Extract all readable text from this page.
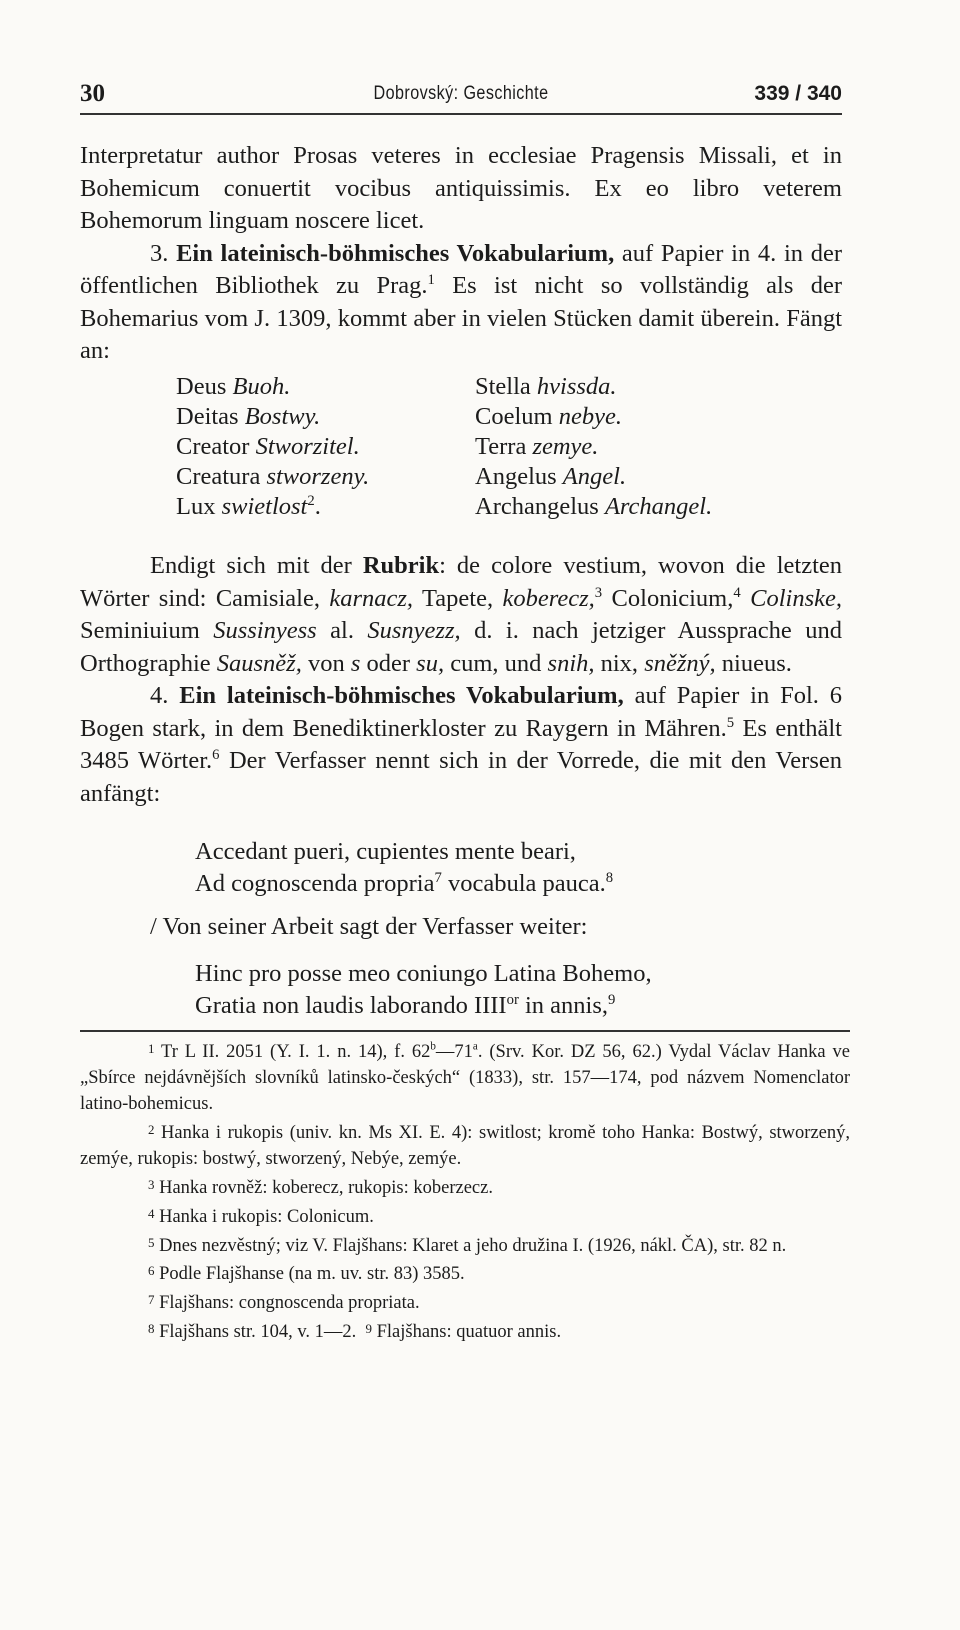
30	Dobrovský: Geschichte	339 / 340

Interpretatur author Prosas veteres in ecclesiae Pragensis Missali, et in Bohemicum conuertit vocibus antiquissimis. Ex eo libro veterem Bohemorum linguam noscere licet.

3. Ein lateinisch-böhmisches Vokabularium, auf Papier in 4. in der öffentlichen Bibliothek zu Prag.$^1$ Es ist nicht so vollständig als der Bohemarius vom J. 1309, kommt aber in vielen Stücken damit überein. Fängt an:

Deus Buoh.
Deitas Bostwy.
Creator Stworzitel.
Creatura stworzeny.
Lux swietlost$^2$.
Stella hvissda.
Coelum nebye.
Terra zemye.
Angelus Angel.
Archangelus Archangel.

Endigt sich mit der Rubrik: de colore vestium, wovon die letzten Wörter sind: Camisiale, karnacz, Tapete, koberecz,$^3$ Colonicium,$^4$ Colinske, Seminiuium Sussinyess al. Susnyezz, d. i. nach jetziger Aussprache und Orthographie Sausněž, von s oder su, cum, und snih, nix, sněžný, niueus.

4. Ein lateinisch-böhmisches Vokabularium, auf Papier in Fol. 6 Bogen stark, in dem Benediktinerkloster zu Raygern in Mähren.$^5$ Es enthält 3485 Wörter.$^6$ Der Verfasser nennt sich in der Vorrede, die mit den Versen anfängt:

Accedant pueri, cupientes mente beari,
Ad cognoscenda propria$^7$ vocabula pauca.$^8$

/ Von seiner Arbeit sagt der Verfasser weiter:

Hinc pro posse meo coniungo Latina Bohemo,
Gratia non laudis laborando $IIII^{or}$ in annis,$^9$

$^1$ Tr L II. 2051 (Y. I. 1. n. 14), f. 62$^b$—71$^a$. (Srv. Kor. DZ 56, 62.) Vydal Václav Hanka ve „Sbírce nejdávnějších slovníků latinsko-českých“ (1833), str. 157—174, pod názvem Nomenclator latino-bohemicus.

$^2$ Hanka i rukopis (univ. kn. Ms XI. E. 4): switlost; kromě toho Hanka: Bostwý, stworzený, zemýe, rukopis: bostwý, stworzený, Nebýe, zemýe.

$^3$ Hanka rovněž: koberecz, rukopis: koberzecz.

$^4$ Hanka i rukopis: Colonicum.

$^5$ Dnes nezvěstný; viz V. Flajšhans: Klaret a jeho družina I. (1926, nákl. ČA), str. 82 n.

$^6$ Podle Flajšhanse (na m. uv. str. 83) 3585.

$^7$ Flajšhans: congnoscenda propriata.

$^8$ Flajšhans str. 104, v. 1—2. $^9$ Flajšhans: quatuor annis.
